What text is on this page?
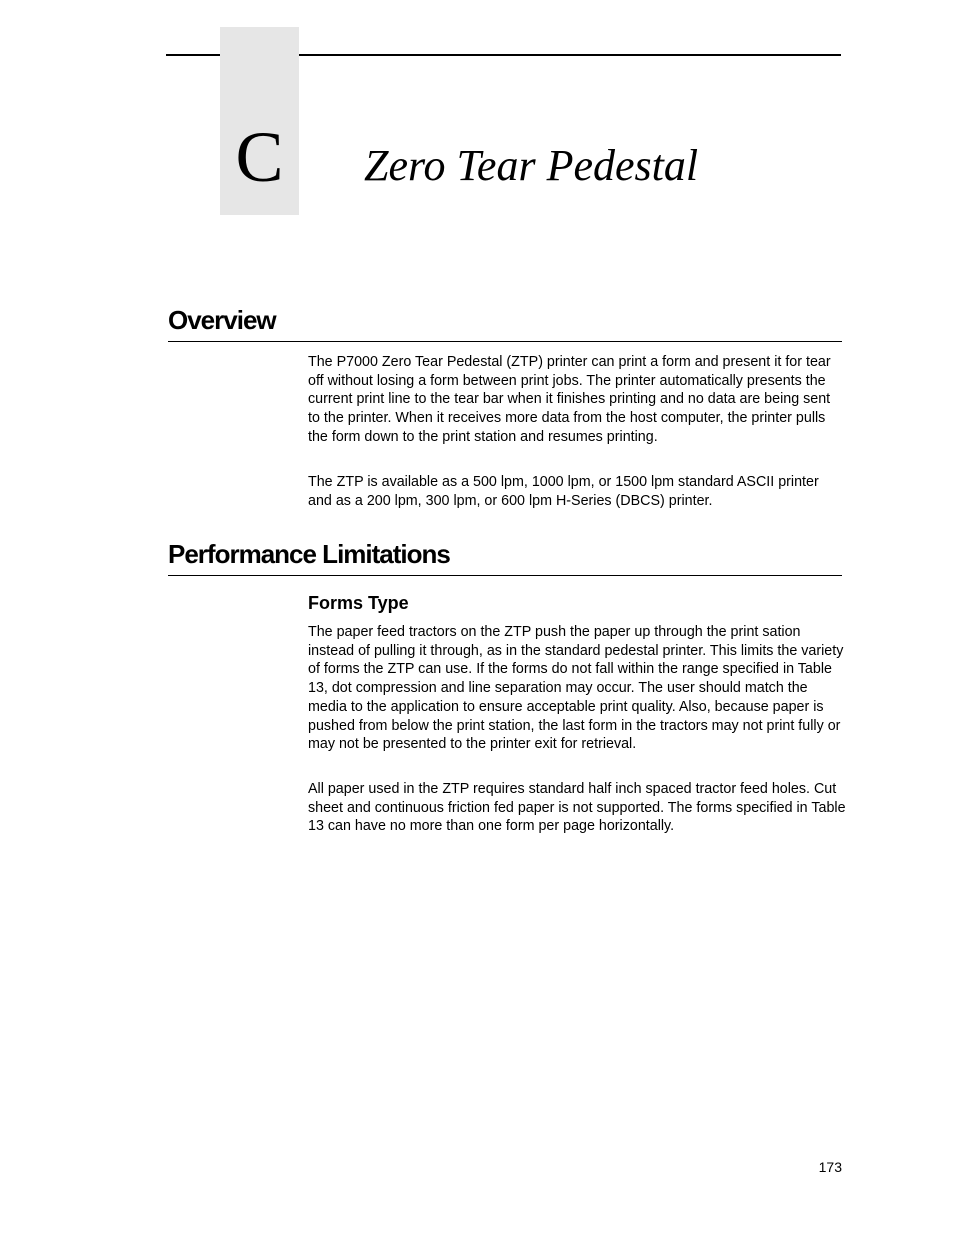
C	Zero Tear Pedestal
Overview

The P7000 Zero Tear Pedestal (ZTP) printer can print a form and present it for tear off without losing a form between print jobs. The printer automatically presents the current print line to the tear bar when it finishes printing and no data are being sent to the printer. When it receives more data from the host computer, the printer pulls the form down to the print station and resumes printing.

The ZTP is available as a 500 lpm, 1000 lpm, or 1500 lpm standard ASCII printer and as a 200 lpm, 300 lpm, or 600 lpm H-Series (DBCS) printer.

Performance Limitations
Forms Type

The paper feed tractors on the ZTP push the paper up through the print sation instead of pulling it through, as in the standard pedestal printer. This limits the variety of forms the ZTP can use. If the forms do not fall within the range specified in Table 13, dot compression and line separation may occur. The user should match the media to the application to ensure acceptable print quality. Also, because paper is pushed from below the print station, the last form in the tractors may not print fully or may not be presented to the printer exit for retrieval.

All paper used in the ZTP requires standard half inch spaced tractor feed holes. Cut sheet and continuous friction fed paper is not supported. The forms specified in Table 13 can have no more than one form per page horizontally.

173
